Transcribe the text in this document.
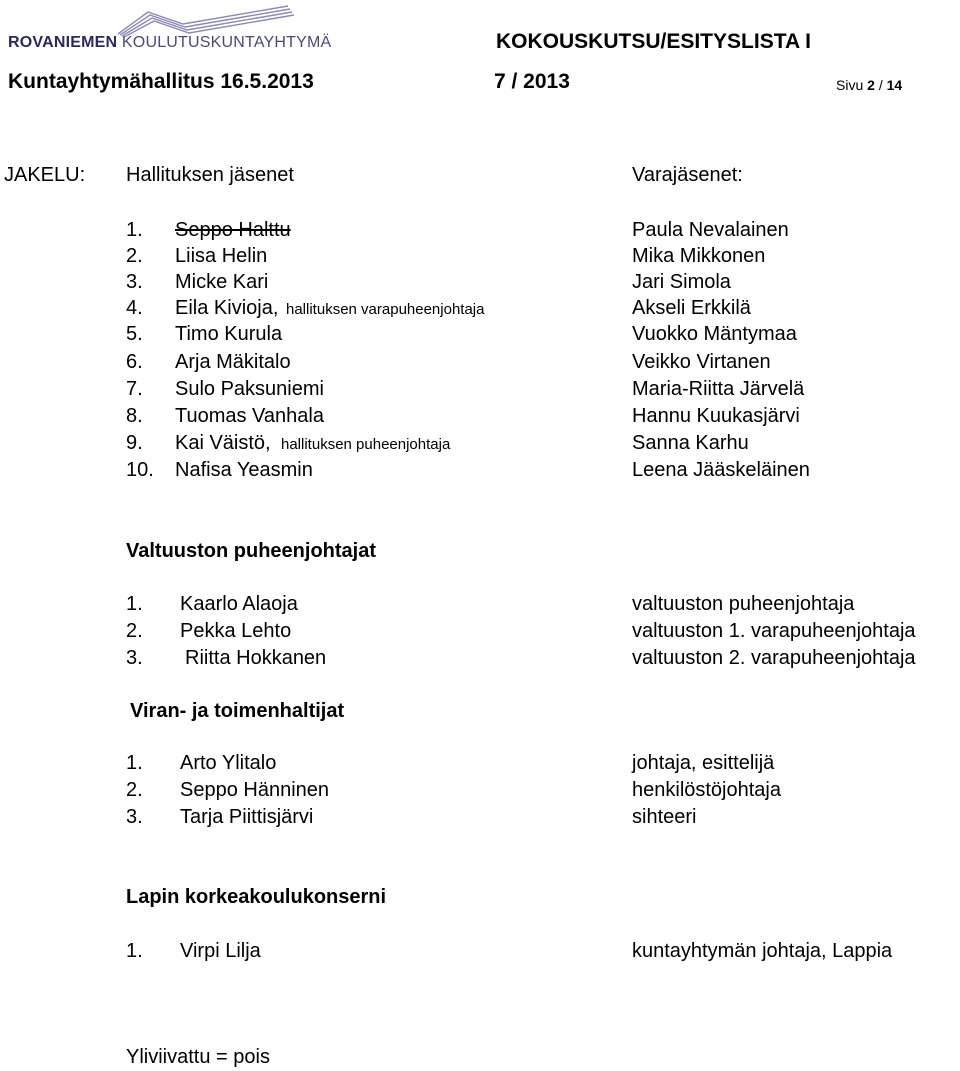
ROVANIEMEN KOULUTUSKUNTAYHTYMÄ	KOKOUSKUTSU/ESITYSLISTA I
Kuntayhtymähallitus 16.5.2013	7 / 2013	Sivu 2 / 14
JAKELU: Hallituksen jäsenet	Varajäsenet:
1. Seppo Halttu	Paula Nevalainen
2. Liisa Helin	Mika Mikkonen
3. Micke Kari	Jari Simola
4. Eila Kivioja, hallituksen varapuheenjohtaja	Akseli Erkkilä
5. Timo Kurula	Vuokko Mäntymaa
6. Arja Mäkitalo	Veikko Virtanen
7. Sulo Paksuniemi	Maria-Riitta Järvelä
8. Tuomas Vanhala	Hannu Kuukasjärvi
9. Kai Väistö, hallituksen puheenjohtaja	Sanna Karhu
10. Nafisa Yeasmin	Leena Jääskeläinen
Valtuuston puheenjohtajat
1. Kaarlo Alaoja	valtuuston puheenjohtaja
2. Pekka Lehto	valtuuston 1. varapuheenjohtaja
3. Riitta Hokkanen	valtuuston 2. varapuheenjohtaja
Viran- ja toimenhaltijat
1. Arto Ylitalo	johtaja, esittelijä
2. Seppo Hänninen	henkilöstöjohtaja
3. Tarja Piittisjärvi	sihteeri
Lapin korkeakoulukonserni
1. Virpi Lilja	kuntayhtymän johtaja, Lappia
Yliviivattu = pois
